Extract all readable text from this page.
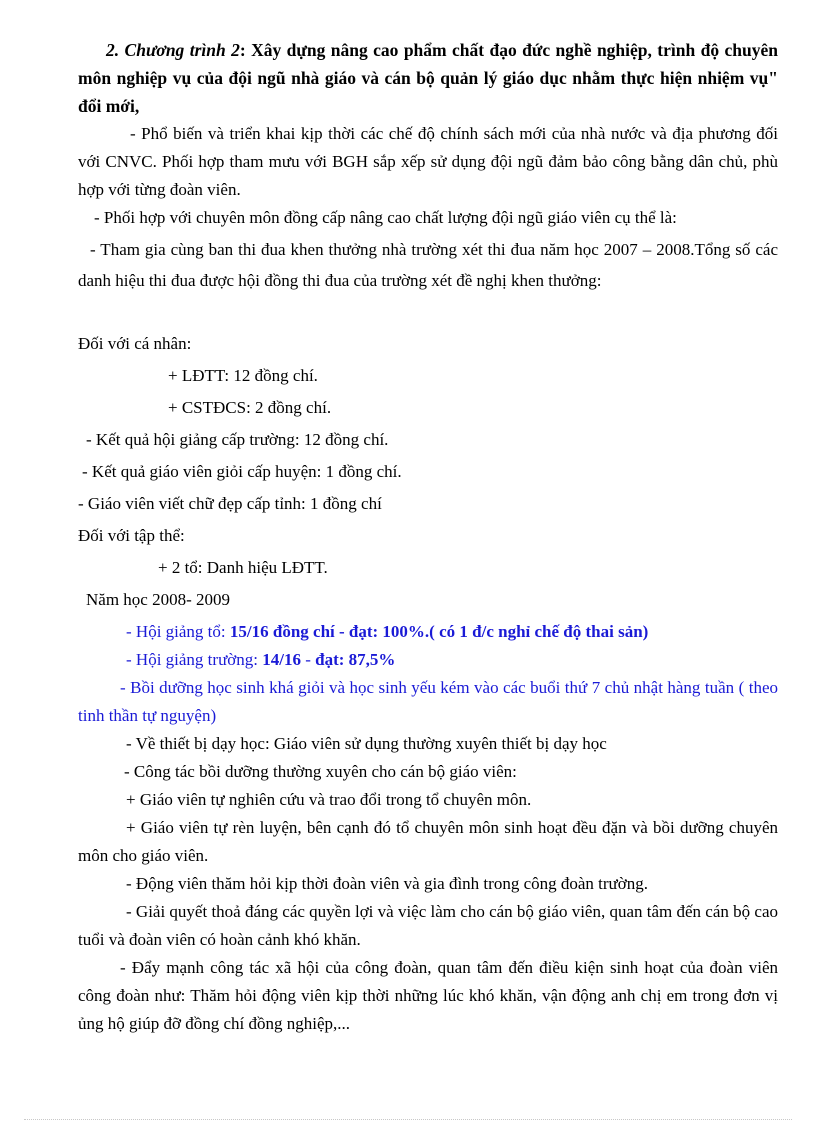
2. Chương trình 2: Xây dựng nâng cao phẩm chất đạo đức nghề nghiệp, trình độ chuyên môn nghiệp vụ của đội ngũ nhà giáo và cán bộ quản lý giáo dục nhằm thực hiện nhiệm vụ" đổi mới,

- Phổ biến và triển khai kịp thời các chế độ chính sách mới của nhà nước và địa phương đối với CNVC. Phối hợp tham mưu với BGH sắp xếp sử dụng đội ngũ đảm bảo công bằng dân chủ, phù hợp với từng đoàn viên.

- Phối hợp với chuyên môn đồng cấp nâng cao chất lượng đội ngũ giáo viên cụ thể là:

- Tham gia cùng ban thi đua khen thưởng nhà trường xét thi đua năm học 2007 – 2008.Tổng số các danh hiệu thi đua được hội đồng thi đua của trường xét đề nghị khen thưởng:

Đối với cá nhân:

+ LĐTT: 12 đồng chí.

+ CSTĐCS: 2 đồng chí.

- Kết quả hội giảng cấp trường: 12 đồng chí.

- Kết quả giáo viên giỏi cấp huyện: 1 đồng chí.

- Giáo viên viết chữ đẹp cấp tỉnh: 1 đồng chí

Đối với tập thể:

+ 2 tổ: Danh hiệu LĐTT.

Năm học 2008- 2009

- Hội giảng tổ: 15/16 đồng chí - đạt: 100%.( có 1 đ/c nghỉ chế độ thai sản)

- Hội giảng trường: 14/16 - đạt: 87,5%

- Bồi dưỡng học sinh khá giỏi và học sinh yếu kém vào các buổi thứ 7 chủ nhật hàng tuần ( theo tinh thần tự nguyện)

- Về thiết bị dạy học: Giáo viên sử dụng thường xuyên thiết bị dạy học

- Công tác bồi dưỡng thường xuyên cho cán bộ giáo viên:

+ Giáo viên tự nghiên cứu và trao đổi trong tổ chuyên môn.

+ Giáo viên tự rèn luyện, bên cạnh đó tổ chuyên môn sinh hoạt đều đặn và bồi dưỡng chuyên môn cho giáo viên.

- Động viên thăm hỏi kịp thời đoàn viên và gia đình trong công đoàn trường.

- Giải quyết thoả đáng các quyền lợi và việc làm cho cán bộ giáo viên, quan tâm đến cán bộ cao tuổi và đoàn viên có hoàn cảnh khó khăn.

- Đẩy mạnh công tác xã hội của công đoàn, quan tâm đến điều kiện sinh hoạt của đoàn viên công đoàn như: Thăm hỏi động viên kịp thời những lúc khó khăn, vận động anh chị em trong đơn vị ủng hộ giúp đỡ đồng chí đồng nghiệp,...
